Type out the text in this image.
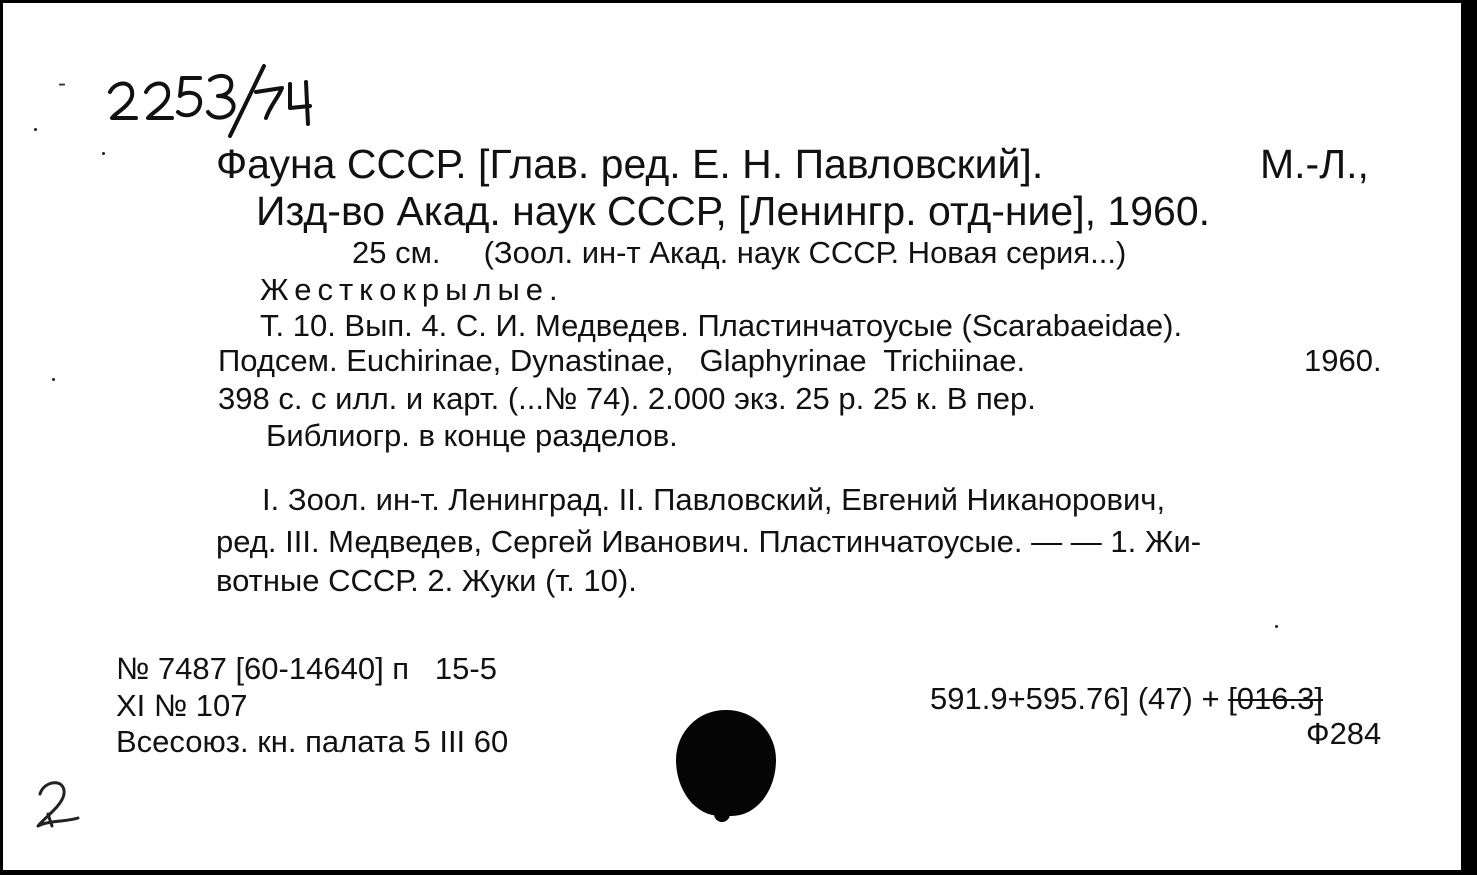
-
Фауна СССР. [Глав. ред. Е. Н. Павловский].	М.-Л.,
Изд-во Акад. наук СССР, [Ленингр. отд-ние], 1960.
25 см.     (Зоол. ин-т Акад. наук СССР. Новая серия...)
Жесткокрылые.
Т. 10. Вып. 4. С. И. Медведев. Пластинчатоусые (Scarabaeidae).
Подсем. Euchirinae, Dynastinae,   Glaphyrinae  Trichiinae.	1960.
398 с. с илл. и карт. (...№ 74). 2.000 экз. 25 р. 25 к. В пер.
Библиогр. в конце разделов.
I. Зоол. ин-т. Ленинград. II. Павловский, Евгений Никанорович,
ред. III. Медведев, Сергей Иванович. Пластинчатоусые. — — 1. Жи-
вотные СССР. 2. Жуки (т. 10).
№ 7487 [60-14640] п   15-5
XI № 107
Всесоюз. кн. палата 5 III 60
591.9+595.76] (47) + [016.3]
Ф284
